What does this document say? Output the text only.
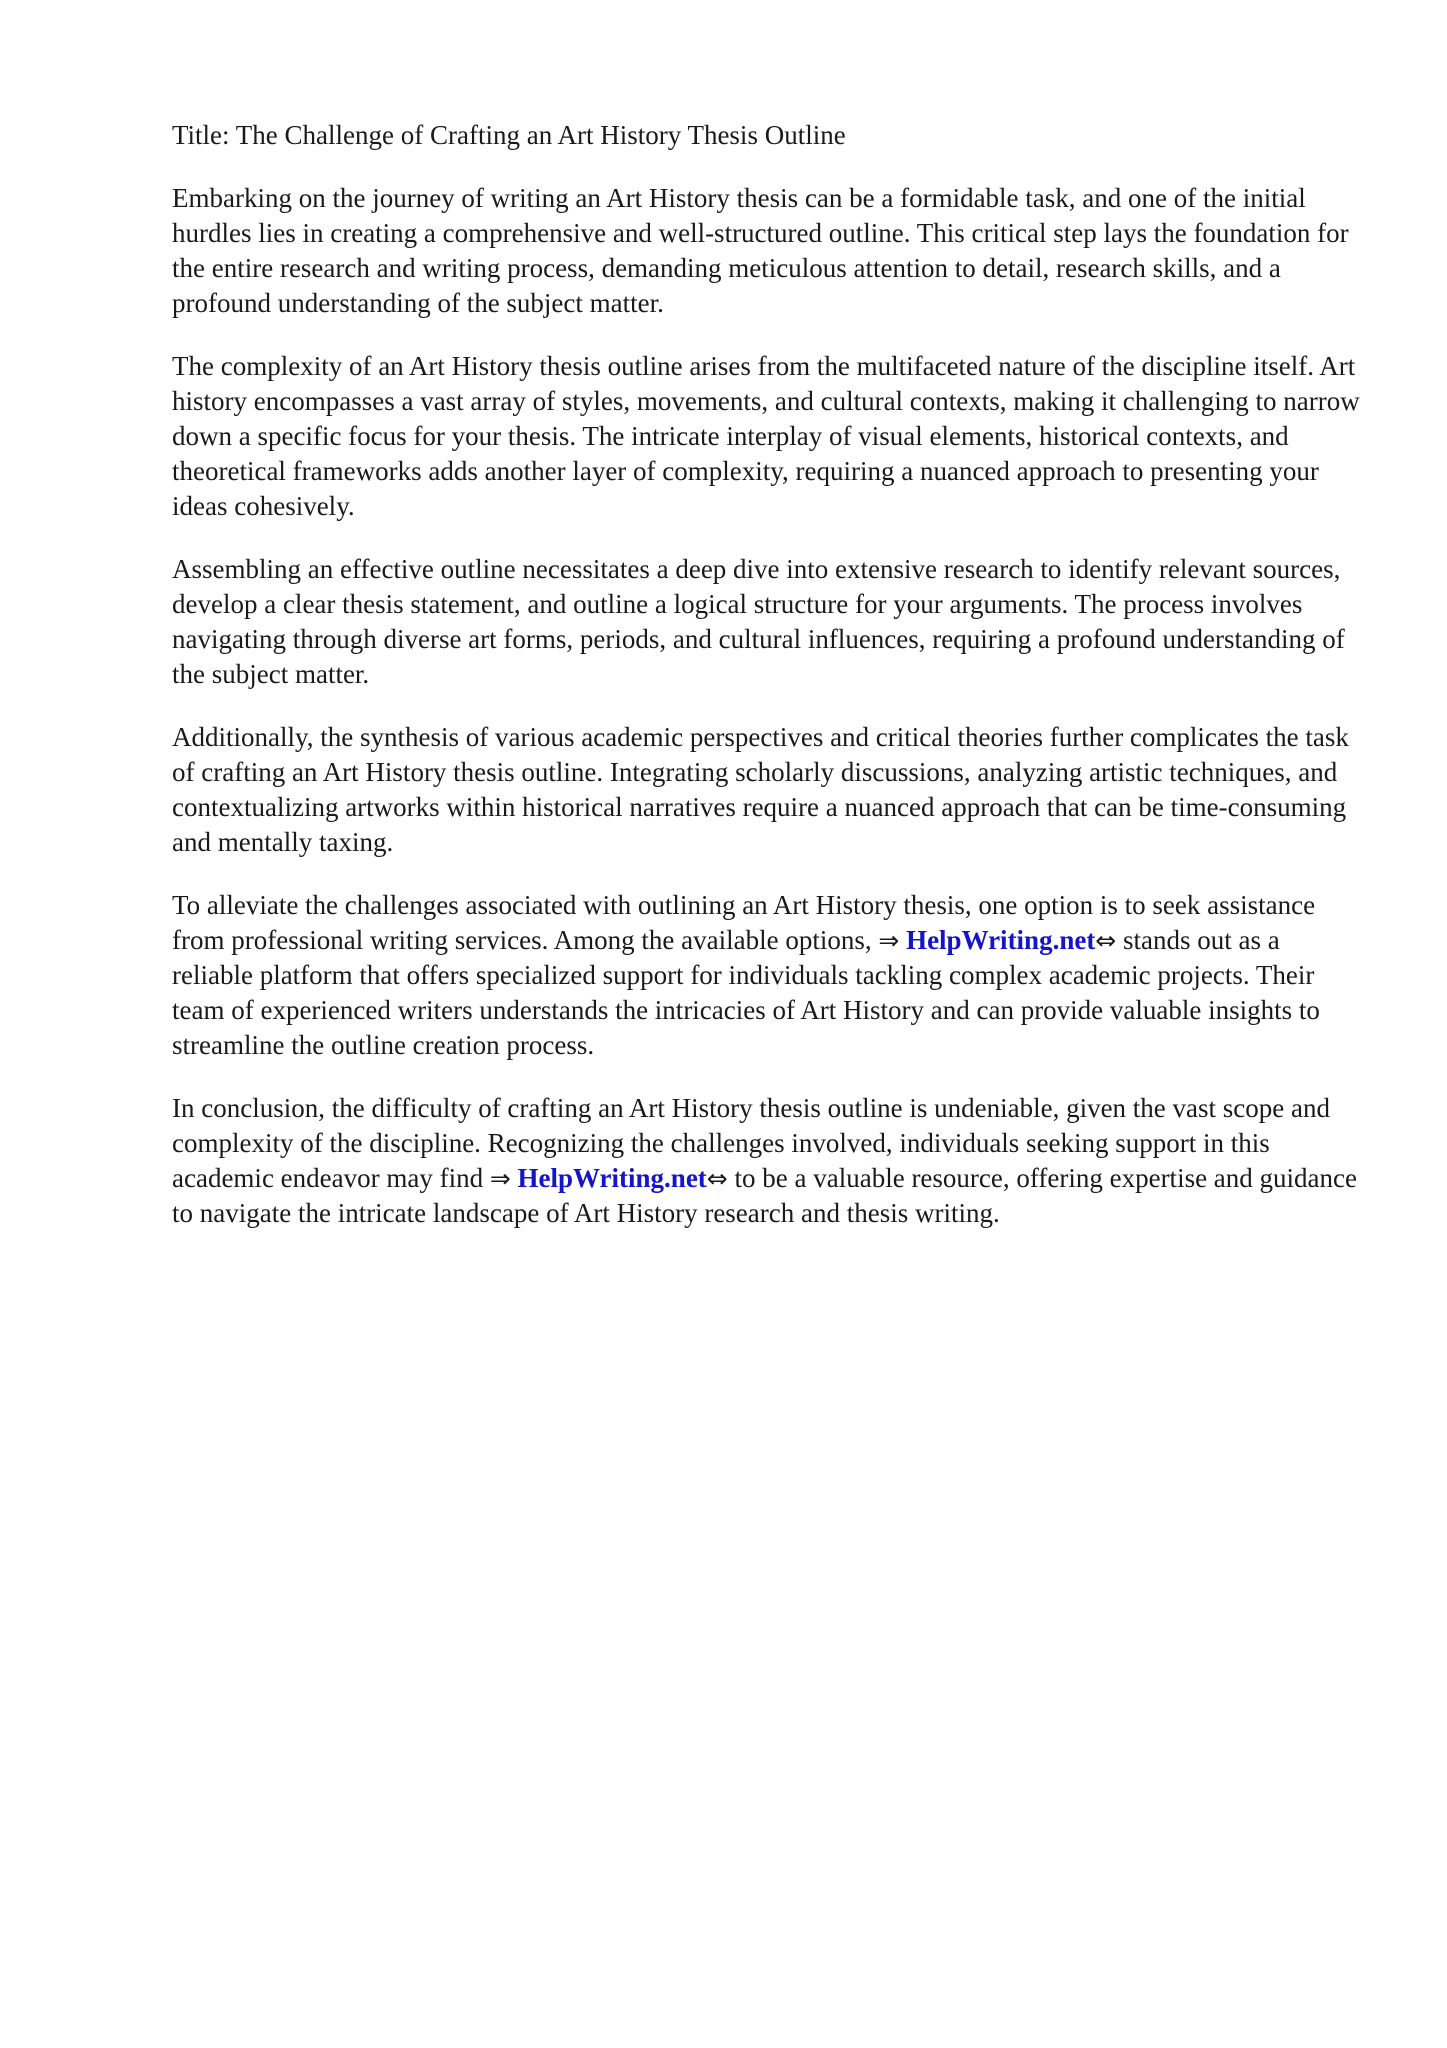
Title: The Challenge of Crafting an Art History Thesis Outline

Embarking on the journey of writing an Art History thesis can be a formidable task, and one of the initial hurdles lies in creating a comprehensive and well-structured outline. This critical step lays the foundation for the entire research and writing process, demanding meticulous attention to detail, research skills, and a profound understanding of the subject matter.

The complexity of an Art History thesis outline arises from the multifaceted nature of the discipline itself. Art history encompasses a vast array of styles, movements, and cultural contexts, making it challenging to narrow down a specific focus for your thesis. The intricate interplay of visual elements, historical contexts, and theoretical frameworks adds another layer of complexity, requiring a nuanced approach to presenting your ideas cohesively.

Assembling an effective outline necessitates a deep dive into extensive research to identify relevant sources, develop a clear thesis statement, and outline a logical structure for your arguments. The process involves navigating through diverse art forms, periods, and cultural influences, requiring a profound understanding of the subject matter.

Additionally, the synthesis of various academic perspectives and critical theories further complicates the task of crafting an Art History thesis outline. Integrating scholarly discussions, analyzing artistic techniques, and contextualizing artworks within historical narratives require a nuanced approach that can be time-consuming and mentally taxing.

To alleviate the challenges associated with outlining an Art History thesis, one option is to seek assistance from professional writing services. Among the available options, ⇒ HelpWriting.net⇔ stands out as a reliable platform that offers specialized support for individuals tackling complex academic projects. Their team of experienced writers understands the intricacies of Art History and can provide valuable insights to streamline the outline creation process.

In conclusion, the difficulty of crafting an Art History thesis outline is undeniable, given the vast scope and complexity of the discipline. Recognizing the challenges involved, individuals seeking support in this academic endeavor may find ⇒ HelpWriting.net⇔ to be a valuable resource, offering expertise and guidance to navigate the intricate landscape of Art History research and thesis writing.
